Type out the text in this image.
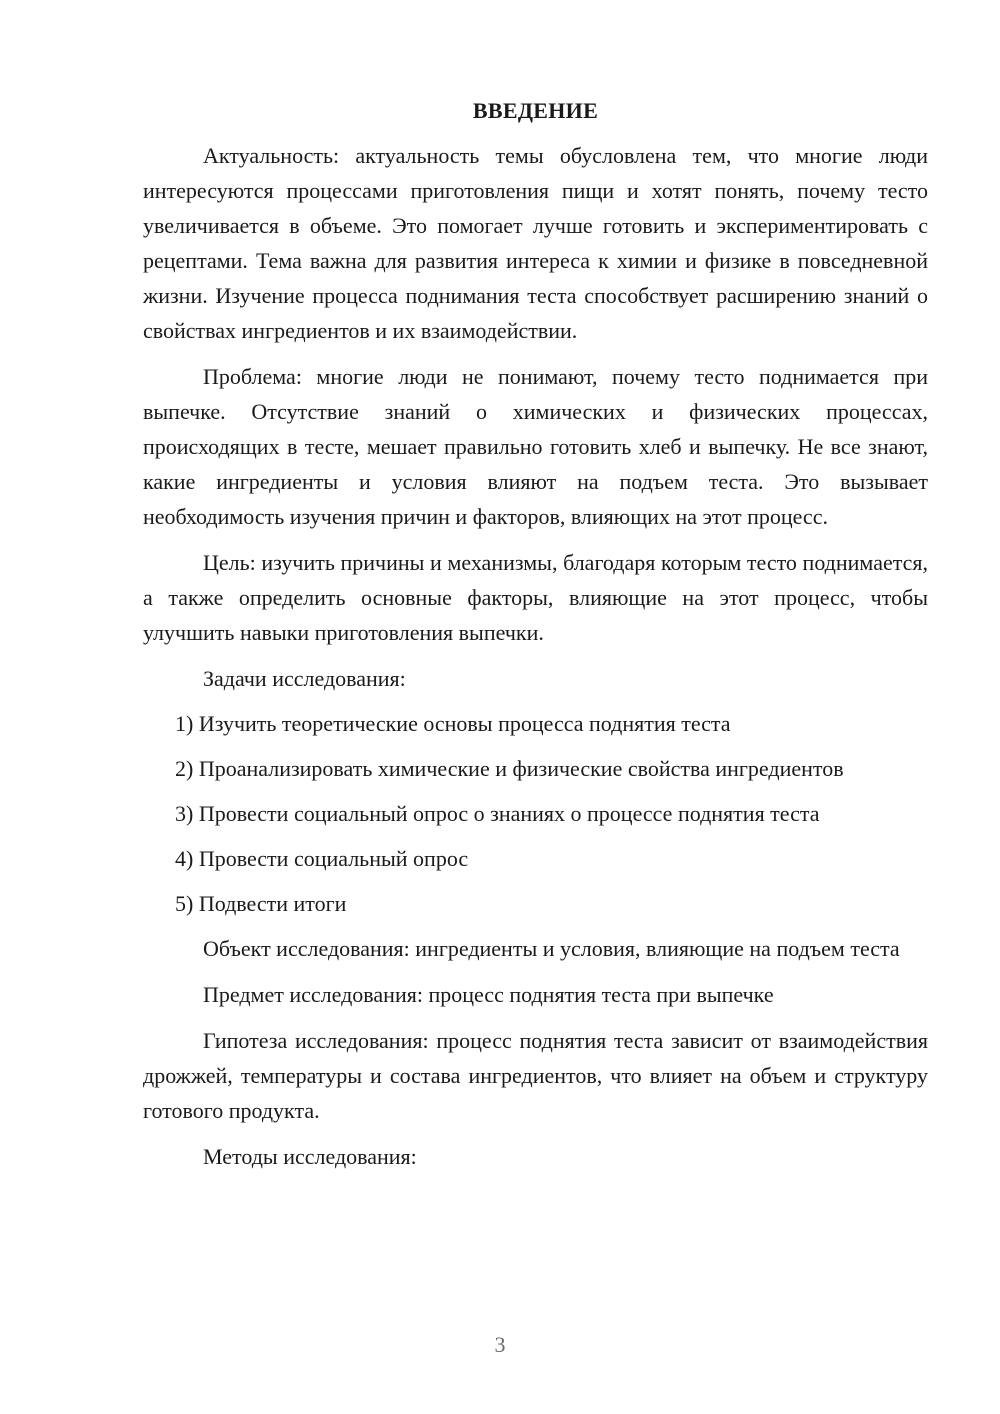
ВВЕДЕНИЕ

Актуальность: актуальность темы обусловлена тем, что многие люди интересуются процессами приготовления пищи и хотят понять, почему тесто увеличивается в объеме. Это помогает лучше готовить и экспериментировать с рецептами. Тема важна для развития интереса к химии и физике в повседневной жизни. Изучение процесса поднимания теста способствует расширению знаний о свойствах ингредиентов и их взаимодействии.

Проблема: многие люди не понимают, почему тесто поднимается при выпечке. Отсутствие знаний о химических и физических процессах, происходящих в тесте, мешает правильно готовить хлеб и выпечку. Не все знают, какие ингредиенты и условия влияют на подъем теста. Это вызывает необходимость изучения причин и факторов, влияющих на этот процесс.

Цель: изучить причины и механизмы, благодаря которым тесто поднимается, а также определить основные факторы, влияющие на этот процесс, чтобы улучшить навыки приготовления выпечки.

Задачи исследования:

1) Изучить теоретические основы процесса поднятия теста
2) Проанализировать химические и физические свойства ингредиентов
3) Провести социальный опрос о знаниях о процессе поднятия теста
4) Провести социальный опрос
5) Подвести итоги

Объект исследования: ингредиенты и условия, влияющие на подъем теста

Предмет исследования: процесс поднятия теста при выпечке

Гипотеза исследования: процесс поднятия теста зависит от взаимодействия дрожжей, температуры и состава ингредиентов, что влияет на объем и структуру готового продукта.

Методы исследования:

3
